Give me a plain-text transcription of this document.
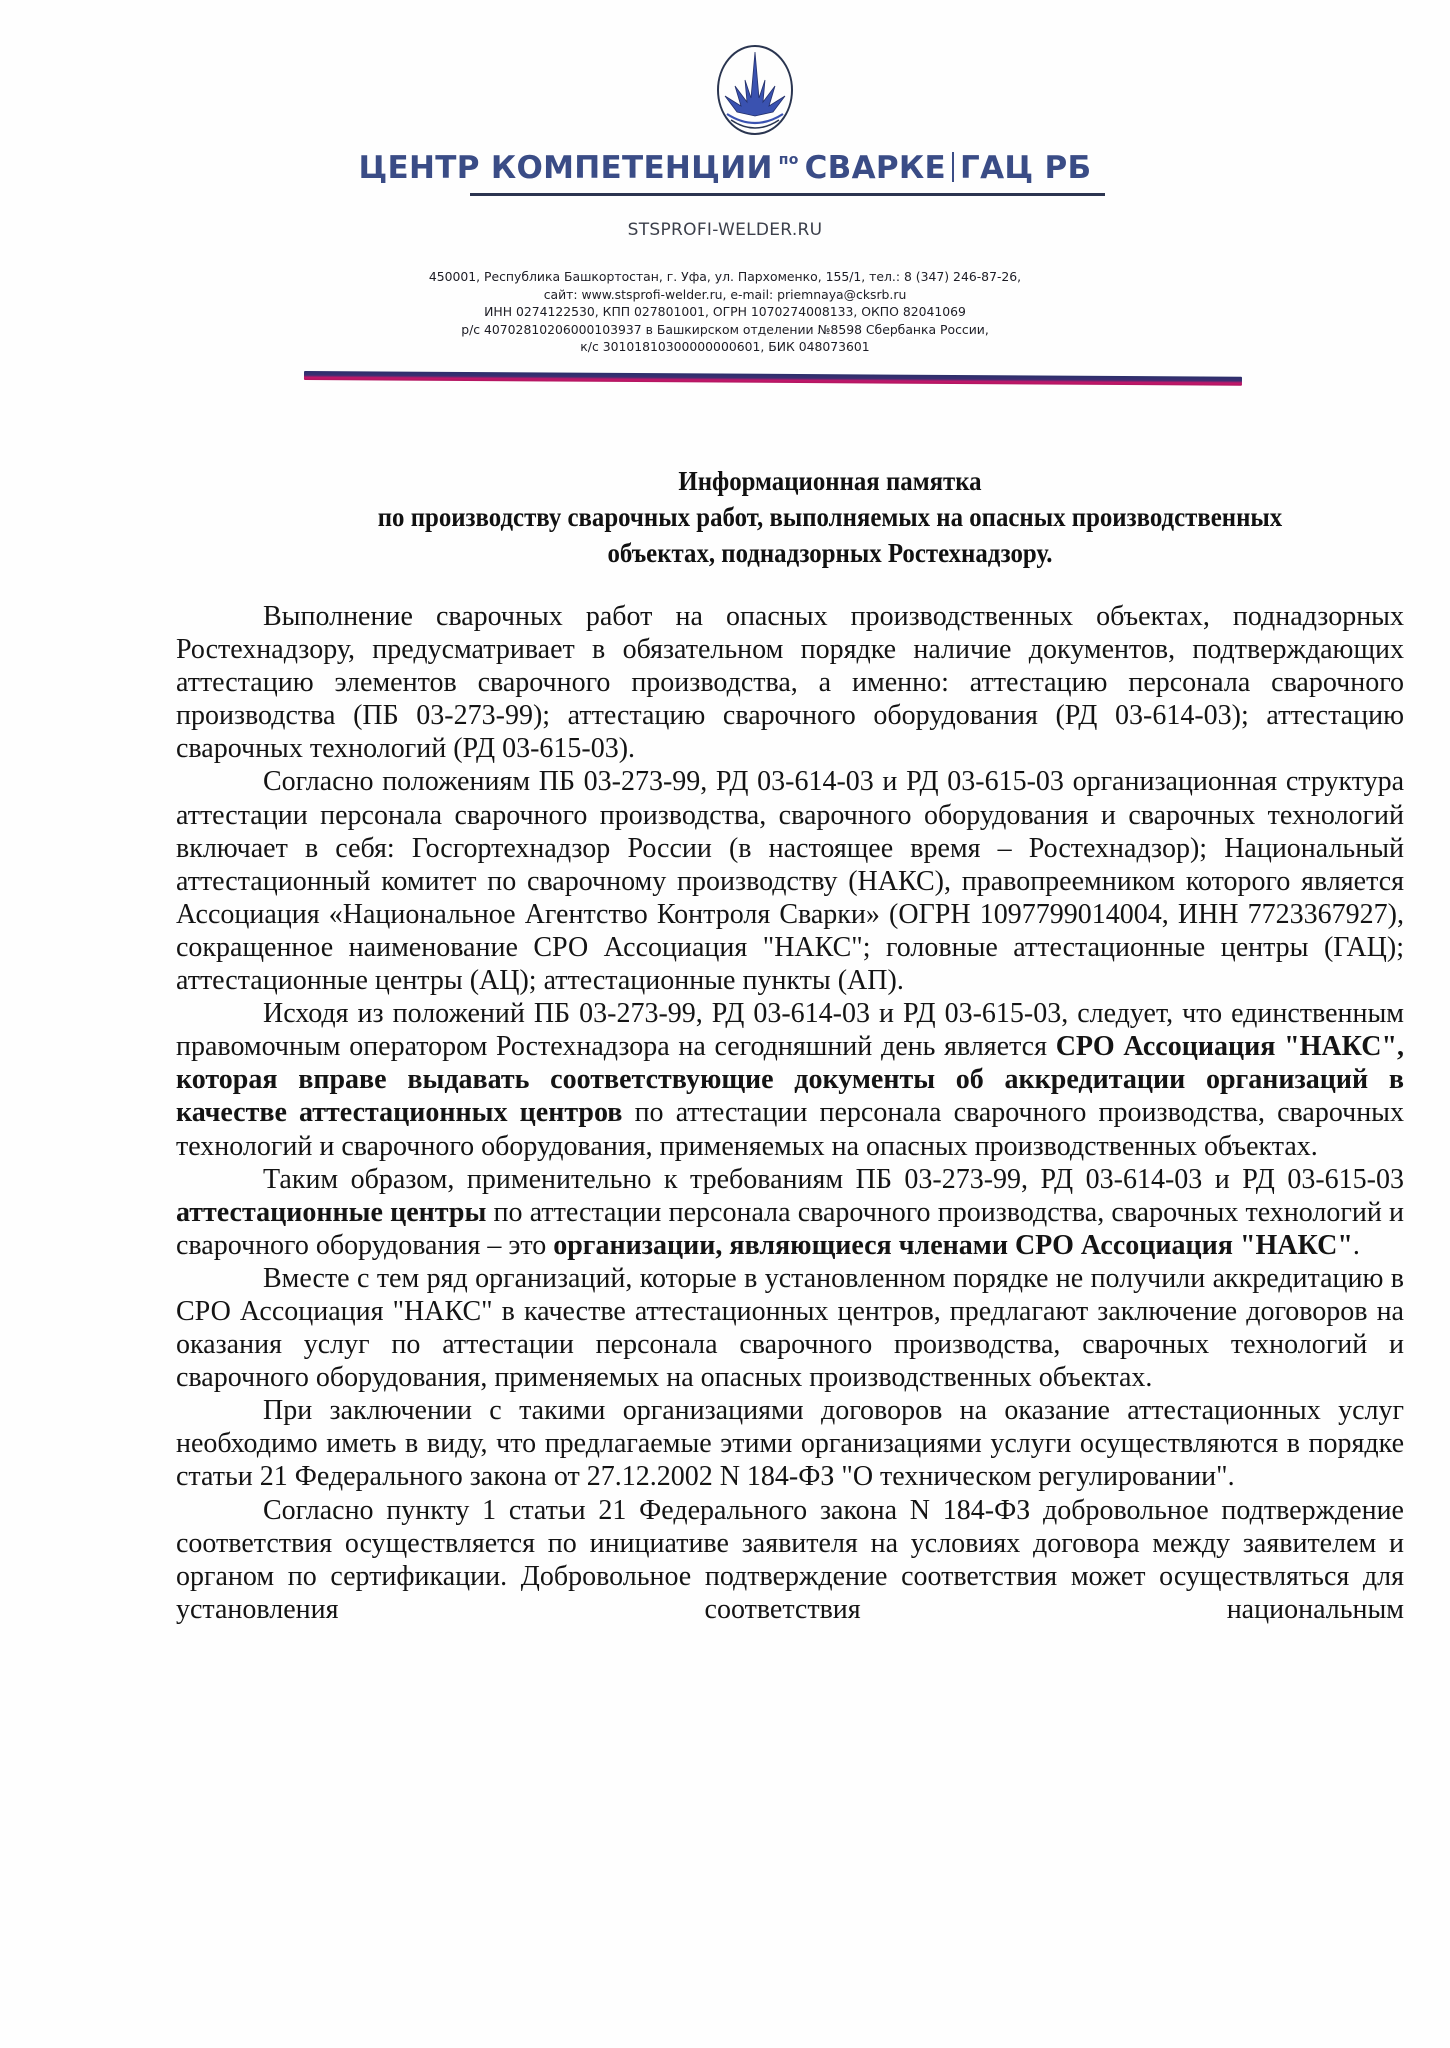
ЦЕНТР КОМПЕТЕНЦИИ $^{по}$ СВАРКЕ ГАЦ РБ
STSPROFI-WELDER.RU
450001, Республика Башкортостан, г. Уфа, ул. Пархоменко, 155/1, тел.: 8 (347) 246-87-26,
сайт: www.stsprofi-welder.ru, e-mail: priemnaya@cksrb.ru
ИНН 0274122530, КПП 027801001, ОГРН 1070274008133, ОКПО 82041069
р/с 40702810206000103937 в Башкирском отделении №8598 Сбербанка России,
к/с 30101810300000000601, БИК 048073601
Информационная памятка
по производству сварочных работ, выполняемых на опасных производственных
объектах, поднадзорных Ростехнадзору.

Выполнение сварочных работ на опасных производственных объектах, поднадзорных Ростехнадзору, предусматривает в обязательном порядке наличие документов, подтверждающих аттестацию элементов сварочного производства, а именно: аттестацию персонала сварочного производства (ПБ 03-273-99); аттестацию сварочного оборудования (РД 03-614-03); аттестацию сварочных технологий (РД 03-615-03).

Согласно положениям ПБ 03-273-99, РД 03-614-03 и РД 03-615-03 организационная структура аттестации персонала сварочного производства, сварочного оборудования и сварочных технологий включает в себя: Госгортехнадзор России (в настоящее время – Ростехнадзор); Национальный аттестационный комитет по сварочному производству (НАКС), правопреемником которого является Ассоциация «Национальное Агентство Контроля Сварки» (ОГРН 1097799014004, ИНН 7723367927), сокращенное наименование СРО Ассоциация "НАКС"; головные аттестационные центры (ГАЦ); аттестационные центры (АЦ); аттестационные пункты (АП).

Исходя из положений ПБ 03-273-99, РД 03-614-03 и РД 03-615-03, следует, что единственным правомочным оператором Ростехнадзора на сегодняшний день является СРО Ассоциация "НАКС", которая вправе выдавать соответствующие документы об аккредитации организаций в качестве аттестационных центров по аттестации персонала сварочного производства, сварочных технологий и сварочного оборудования, применяемых на опасных производственных объектах.

Таким образом, применительно к требованиям ПБ 03-273-99, РД 03-614-03 и РД 03-615-03 аттестационные центры по аттестации персонала сварочного производства, сварочных технологий и сварочного оборудования – это организации, являющиеся членами СРО Ассоциация "НАКС".

Вместе с тем ряд организаций, которые в установленном порядке не получили аккредитацию в СРО Ассоциация "НАКС" в качестве аттестационных центров, предлагают заключение договоров на оказания услуг по аттестации персонала сварочного производства, сварочных технологий и сварочного оборудования, применяемых на опасных производственных объектах.

При заключении с такими организациями договоров на оказание аттестационных услуг необходимо иметь в виду, что предлагаемые этими организациями услуги осуществляются в порядке статьи 21 Федерального закона от 27.12.2002 N 184-ФЗ "О техническом регулировании".

Согласно пункту 1 статьи 21 Федерального закона N 184-ФЗ добровольное подтверждение соответствия осуществляется по инициативе заявителя на условиях договора между заявителем и органом по сертификации. Добровольное подтверждение соответствия может осуществляться для установления соответствия национальным
